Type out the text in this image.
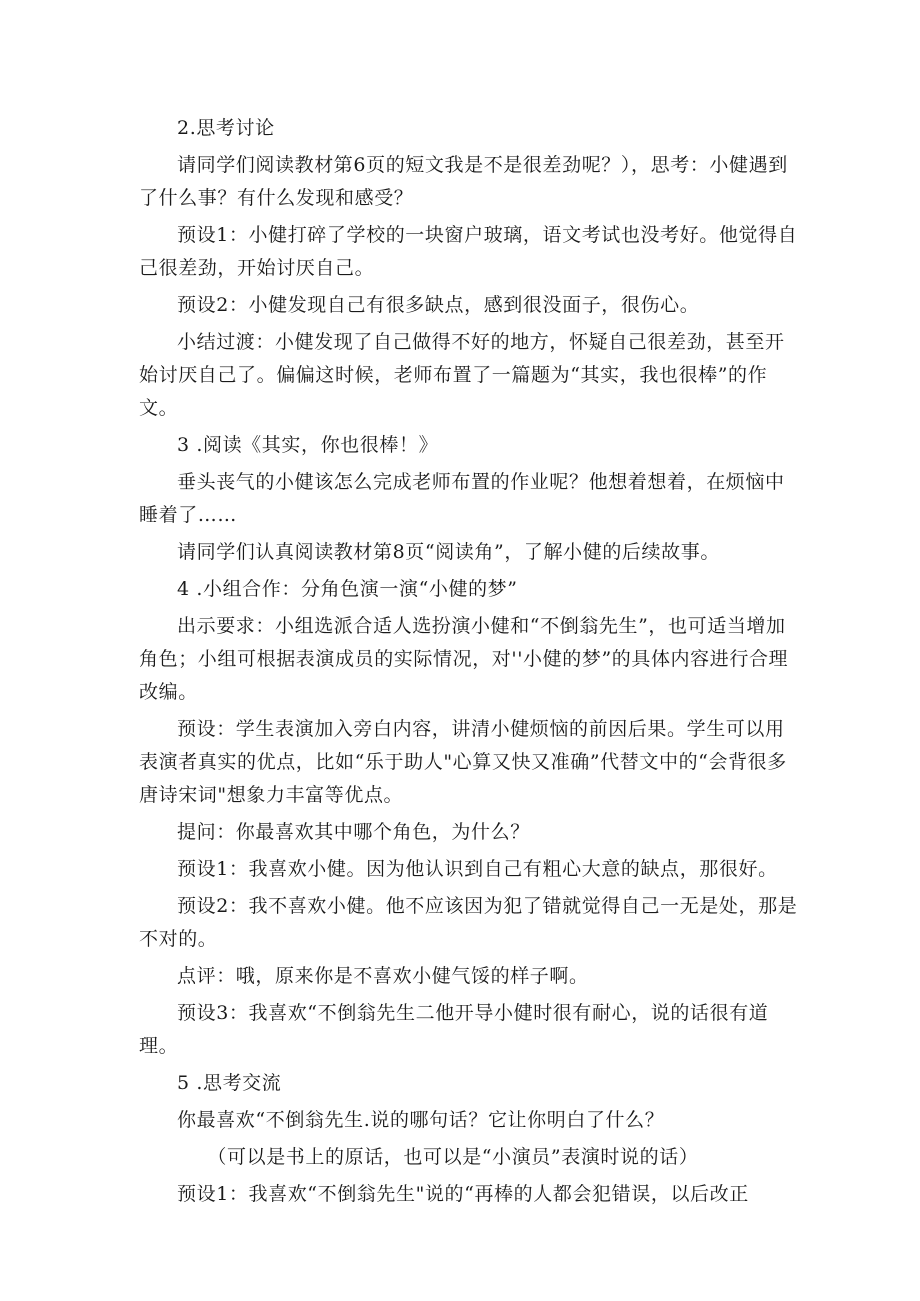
2.思考讨论

请同学们阅读教材第6页的短文我是不是很差劲呢？），思考：小健遇到了什么事？有什么发现和感受？

预设1：小健打碎了学校的一块窗户玻璃，语文考试也没考好。他觉得自己很差劲，开始讨厌自己。

预设2：小健发现自己有很多缺点，感到很没面子，很伤心。

小结过渡：小健发现了自己做得不好的地方，怀疑自己很差劲，甚至开始讨厌自己了。偏偏这时候，老师布置了一篇题为“其实，我也很棒”的作文。

3 .阅读《其实，你也很棒！》

垂头丧气的小健该怎么完成老师布置的作业呢？他想着想着，在烦恼中睡着了……

请同学们认真阅读教材第8页“阅读角”，了解小健的后续故事。

4 .小组合作：分角色演一演“小健的梦”

出示要求：小组选派合适人选扮演小健和“不倒翁先生”，也可适当增加角色；小组可根据表演成员的实际情况，对''小健的梦”的具体内容进行合理改编。

预设：学生表演加入旁白内容，讲清小健烦恼的前因后果。学生可以用表演者真实的优点，比如“乐于助人"心算又快又准确”代替文中的“会背很多唐诗宋词"想象力丰富等优点。

提问：你最喜欢其中哪个角色，为什么？

预设1：我喜欢小健。因为他认识到自己有粗心大意的缺点，那很好。

预设2：我不喜欢小健。他不应该因为犯了错就觉得自己一无是处，那是不对的。

点评：哦，原来你是不喜欢小健气馁的样子啊。

预设3：我喜欢“不倒翁先生二他开导小健时很有耐心，说的话很有道理。

5 .思考交流

你最喜欢“不倒翁先生.说的哪句话？它让你明白了什么？

（可以是书上的原话，也可以是“小演员”表演时说的话）

预设1：我喜欢“不倒翁先生"说的“再棒的人都会犯错误，以后改正
